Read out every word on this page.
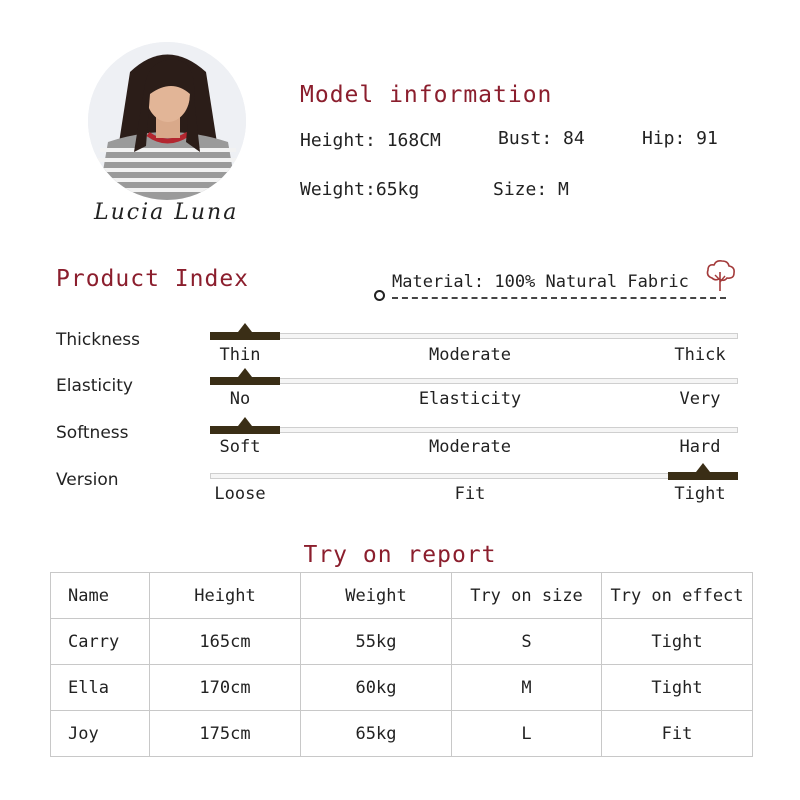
Lucia Luna
Model information
Height: 168CM	Bust: 84	Hip: 91
Weight:65kg	Size: M
Product Index	Material: 100% Natural Fabric
Thickness
Thin	Moderate	Thick
Elasticity
No	Elasticity	Very
Softness
Soft	Moderate	Hard
Version
Loose	Fit	Tight
Try on report
Name	Height	Weight	Try on size	Try on effect
Carry	165cm	55kg	S	Tight
Ella	170cm	60kg	M	Tight
Joy	175cm	65kg	L	Fit
